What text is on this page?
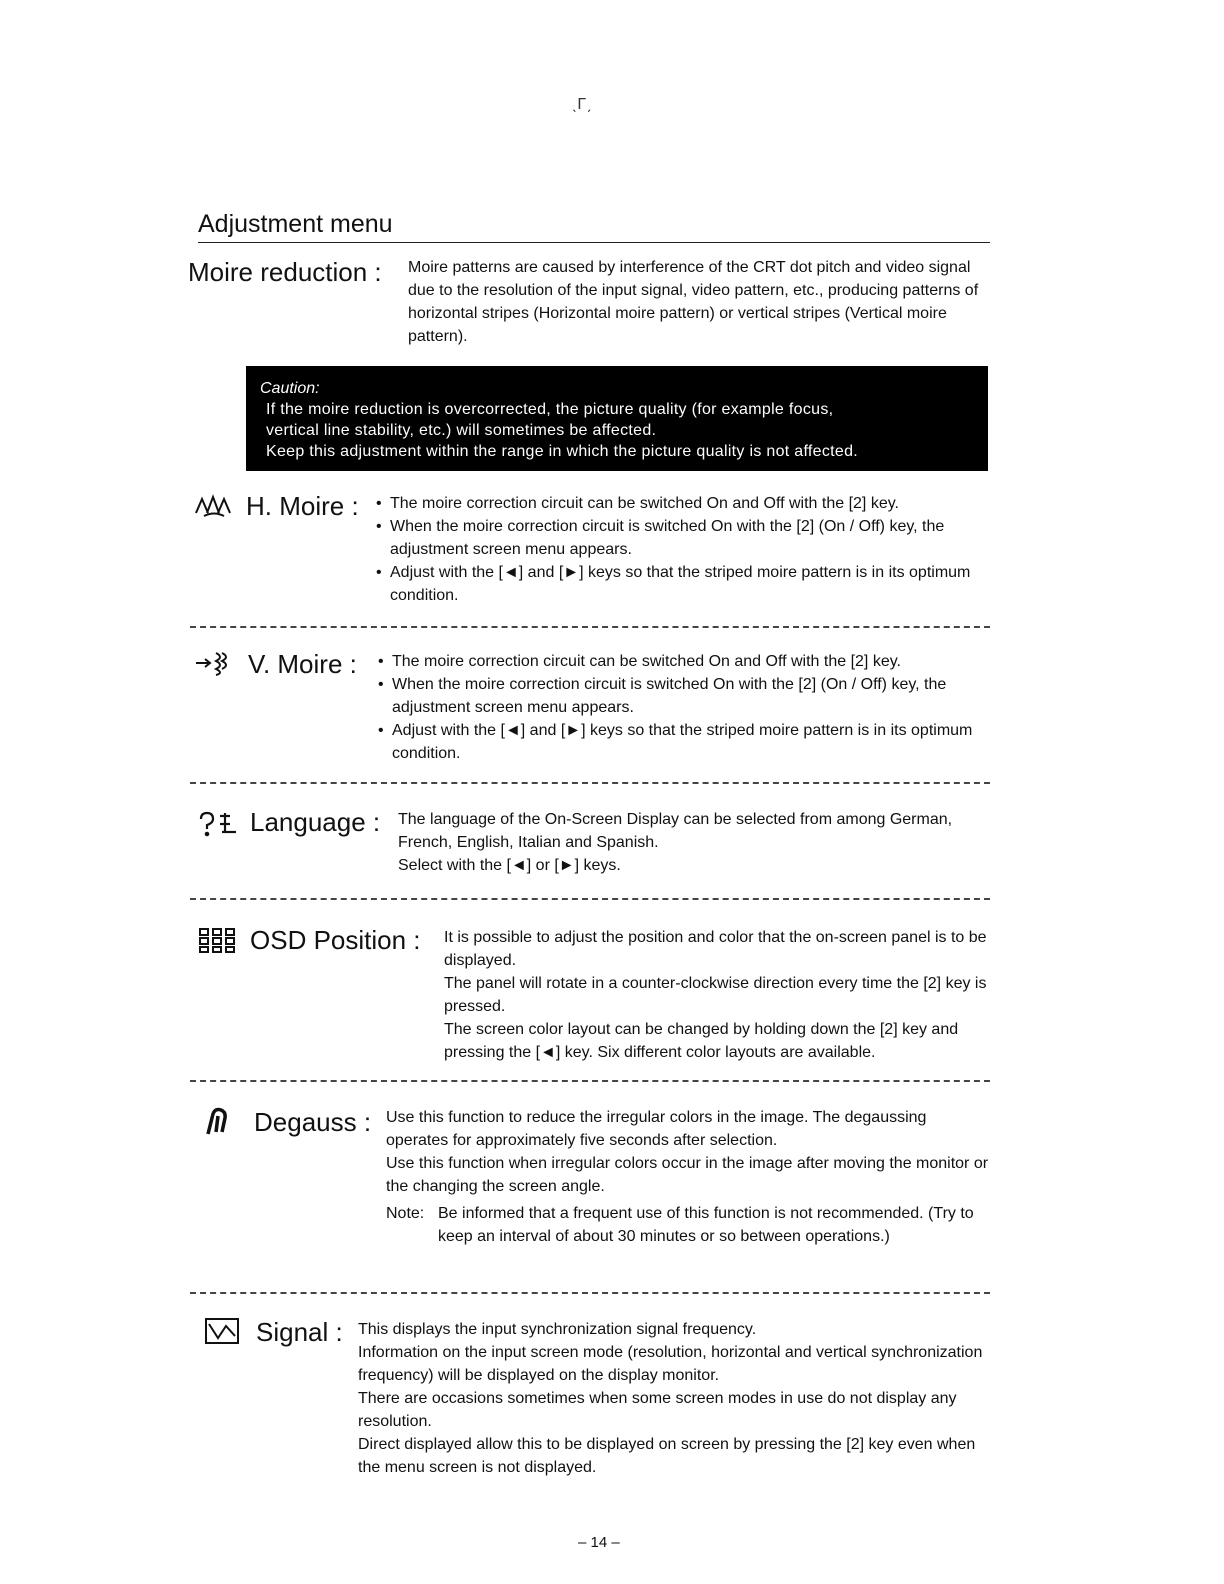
ˎΓˏ
Adjustment menu
Moire reduction : Moire patterns are caused by interference of the CRT dot pitch and video signal due to the resolution of the input signal, video pattern, etc., producing patterns of horizontal stripes (Horizontal moire pattern) or vertical stripes (Vertical moire pattern).
Caution:
If the moire reduction is overcorrected, the picture quality (for example focus,
vertical line stability, etc.) will sometimes be affected.
Keep this adjustment within the range in which the picture quality is not affected.
H. Moire :	• The moire correction circuit can be switched On and Off with the [2] key.
• When the moire correction circuit is switched On with the [2] (On / Off) key, the adjustment screen menu appears.
• Adjust with the [◄] and [►] keys so that the striped moire pattern is in its optimum condition.
V. Moire :	• The moire correction circuit can be switched On and Off with the [2] key.
• When the moire correction circuit is switched On with the [2] (On / Off) key, the adjustment screen menu appears.
• Adjust with the [◄] and [►] keys so that the striped moire pattern is in its optimum condition.
Language : The language of the On-Screen Display can be selected from among German, French, English, Italian and Spanish.
Select with the [◄] or [►] keys.
OSD Position : It is possible to adjust the position and color that the on-screen panel is to be displayed.
The panel will rotate in a counter-clockwise direction every time the [2] key is pressed.
The screen color layout can be changed by holding down the [2] key and pressing the [◄] key. Six different color layouts are available.
Degauss : Use this function to reduce the irregular colors in the image. The degaussing operates for approximately five seconds after selection.
Use this function when irregular colors occur in the image after moving the monitor or the changing the screen angle.
Note: Be informed that a frequent use of this function is not recommended. (Try to keep an interval of about 30 minutes or so between operations.)
Signal : This displays the input synchronization signal frequency.
Information on the input screen mode (resolution, horizontal and vertical synchronization frequency) will be displayed on the display monitor.
There are occasions sometimes when some screen modes in use do not display any resolution.
Direct displayed allow this to be displayed on screen by pressing the [2] key even when the menu screen is not displayed.
– 14 –
